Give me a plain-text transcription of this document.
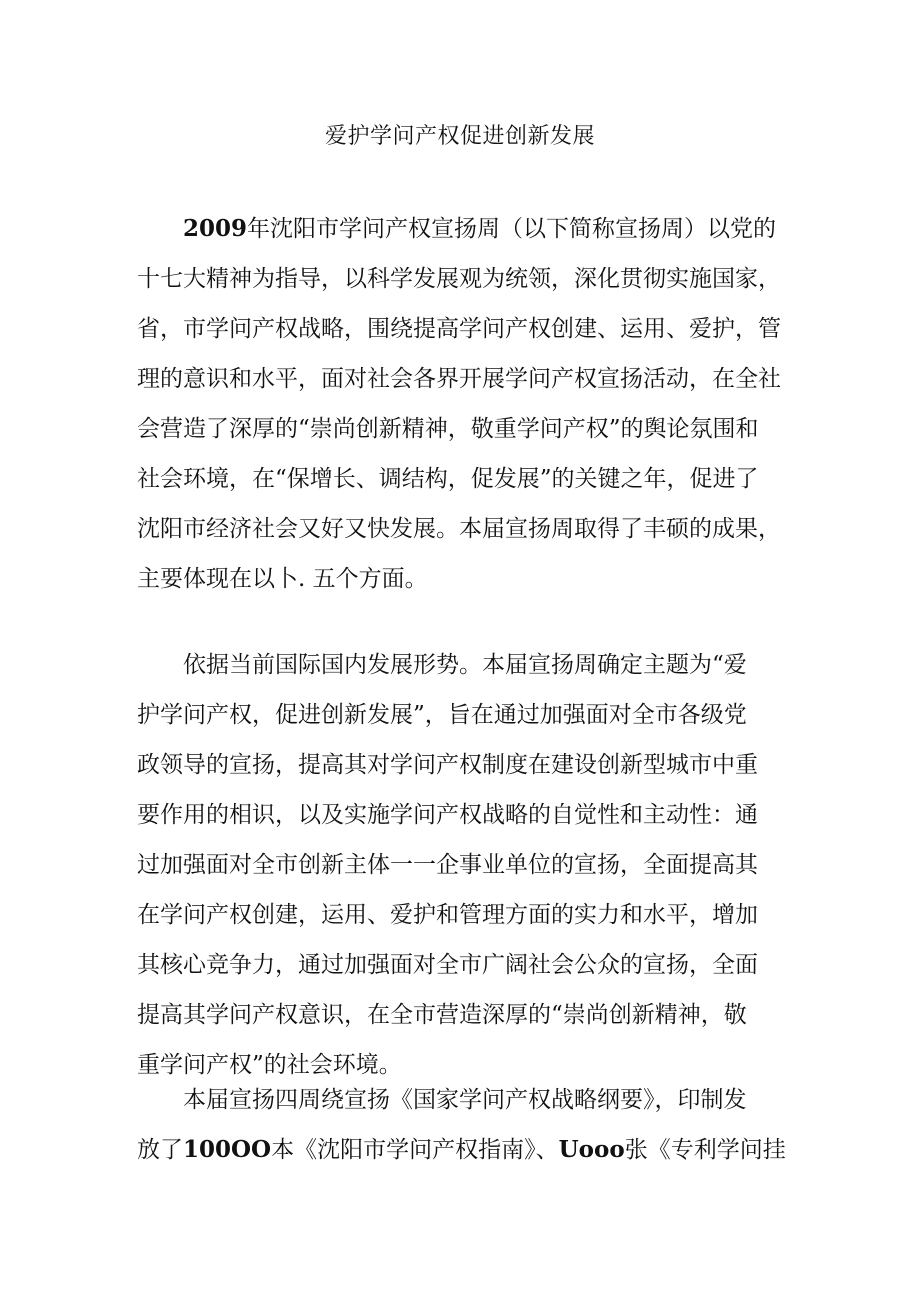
爱护学问产权促进创新发展
2009年沈阳市学问产权宣扬周（以下简称宣扬周）以党的
十七大精神为指导，以科学发展观为统领，深化贯彻实施国家，
省，市学问产权战略，围绕提高学问产权创建、运用、爱护，管
理的意识和水平，面对社会各界开展学问产权宣扬活动，在全社
会营造了深厚的“崇尚创新精神，敬重学问产权”的舆论氛围和
社会环境，在“保增长、调结构，促发展”的关键之年，促进了
沈阳市经济社会又好又快发展。本届宣扬周取得了丰硕的成果，
主要体现在以卜. 五个方面。
依据当前国际国内发展形势。本届宣扬周确定主题为“爱
护学问产权，促进创新发展”，旨在通过加强面对全市各级党
政领导的宣扬，提高其对学问产权制度在建设创新型城市中重
要作用的相识，以及实施学问产权战略的自觉性和主动性：通
过加强面对全市创新主体一一企事业单位的宣扬，全面提高其
在学问产权创建，运用、爱护和管理方面的实力和水平，增加
其核心竞争力，通过加强面对全市广阔社会公众的宣扬，全面
提高其学问产权意识，在全市营造深厚的“崇尚创新精神，敬
重学问产权”的社会环境。
本届宣扬四周绕宣扬《国家学问产权战略纲要》，印制发
放了100OO本《沈阳市学问产权指南》、Uooo张《专利学问挂
